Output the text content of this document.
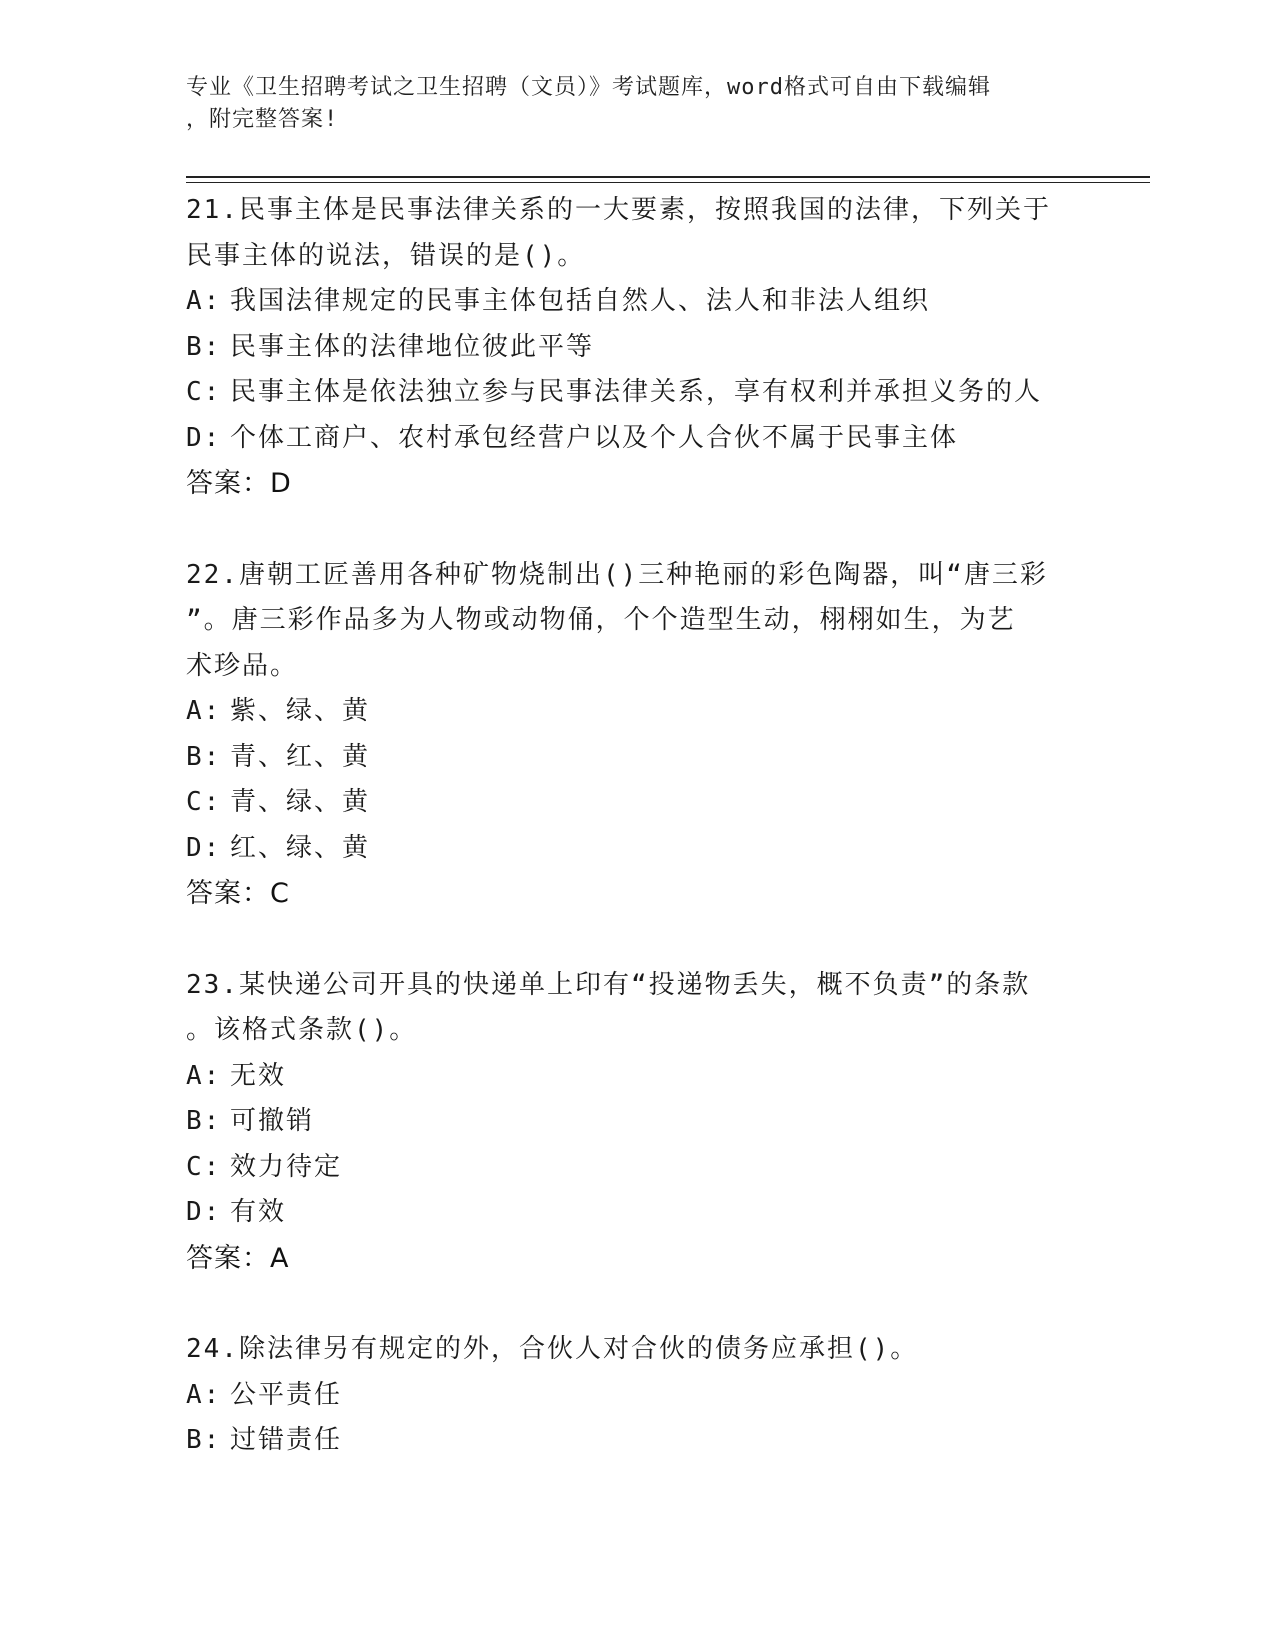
专业《卫生招聘考试之卫生招聘（文员）》考试题库，word格式可自由下载编辑
，附完整答案!
21.民事主体是民事法律关系的一大要素，按照我国的法律，下列关于
民事主体的说法，错误的是()。
A: 我国法律规定的民事主体包括自然人、法人和非法人组织
B: 民事主体的法律地位彼此平等
C: 民事主体是依法独立参与民事法律关系，享有权利并承担义务的人
D: 个体工商户、农村承包经营户以及个人合伙不属于民事主体
答案：D
22.唐朝工匠善用各种矿物烧制出()三种艳丽的彩色陶器，叫“唐三彩
”。唐三彩作品多为人物或动物俑，个个造型生动，栩栩如生，为艺
术珍品。
A: 紫、绿、黄
B: 青、红、黄
C: 青、绿、黄
D: 红、绿、黄
答案：C
23.某快递公司开具的快递单上印有“投递物丢失，概不负责”的条款
。该格式条款()。
A: 无效
B: 可撤销
C: 效力待定
D: 有效
答案：A
24.除法律另有规定的外，合伙人对合伙的债务应承担()。
A: 公平责任
B: 过错责任
